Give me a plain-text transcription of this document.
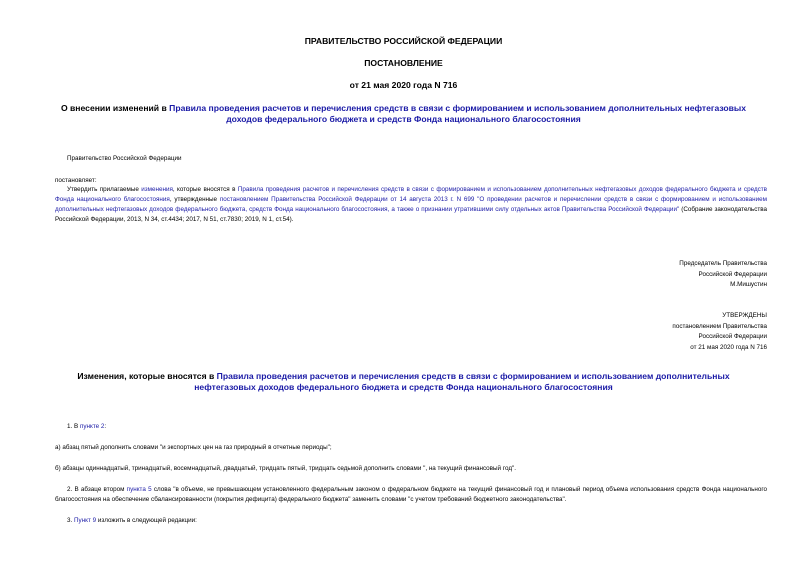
ПРАВИТЕЛЬСТВО РОССИЙСКОЙ ФЕДЕРАЦИИ
ПОСТАНОВЛЕНИЕ
от 21 мая 2020 года N 716
О внесении изменений в Правила проведения расчетов и перечисления средств в связи с формированием и использованием дополнительных нефтегазовых доходов федерального бюджета и средств Фонда национального благосостояния
Правительство Российской Федерации
постановляет:
Утвердить прилагаемые изменения, которые вносятся в Правила проведения расчетов и перечисления средств в связи с формированием и использованием дополнительных нефтегазовых доходов федерального бюджета и средств Фонда национального благосостояния, утвержденные постановлением Правительства Российской Федерации от 14 августа 2013 г. N 699 "О проведении расчетов и перечислении средств в связи с формированием и использованием дополнительных нефтегазовых доходов федерального бюджета, средств Фонда национального благосостояния, а также о признании утратившими силу отдельных актов Правительства Российской Федерации" (Собрание законодательства Российской Федерации, 2013, N 34, ст.4434; 2017, N 51, ст.7830; 2019, N 1, ст.54).
Председатель Правительства
Российской Федерации
М.Мишустин
УТВЕРЖДЕНЫ
постановлением Правительства
Российской Федерации
от 21 мая 2020 года N 716
Изменения, которые вносятся в Правила проведения расчетов и перечисления средств в связи с формированием и использованием дополнительных нефтегазовых доходов федерального бюджета и средств Фонда национального благосостояния
1. В пункте 2:
а) абзац пятый дополнить словами "и экспортных цен на газ природный в отчетные периоды";
б) абзацы одиннадцатый, тринадцатый, восемнадцатый, двадцатый, тридцать пятый, тридцать седьмой дополнить словами ", на текущий финансовый год".
2. В абзаце втором пункта 5 слова "в объеме, не превышающем установленного федеральным законом о федеральном бюджете на текущий финансовый год и плановый период объема использования средств Фонда национального благосостояния на обеспечение сбалансированности (покрытия дефицита) федерального бюджета" заменить словами "с учетом требований бюджетного законодательства".
3. Пункт 9 изложить в следующей редакции:
